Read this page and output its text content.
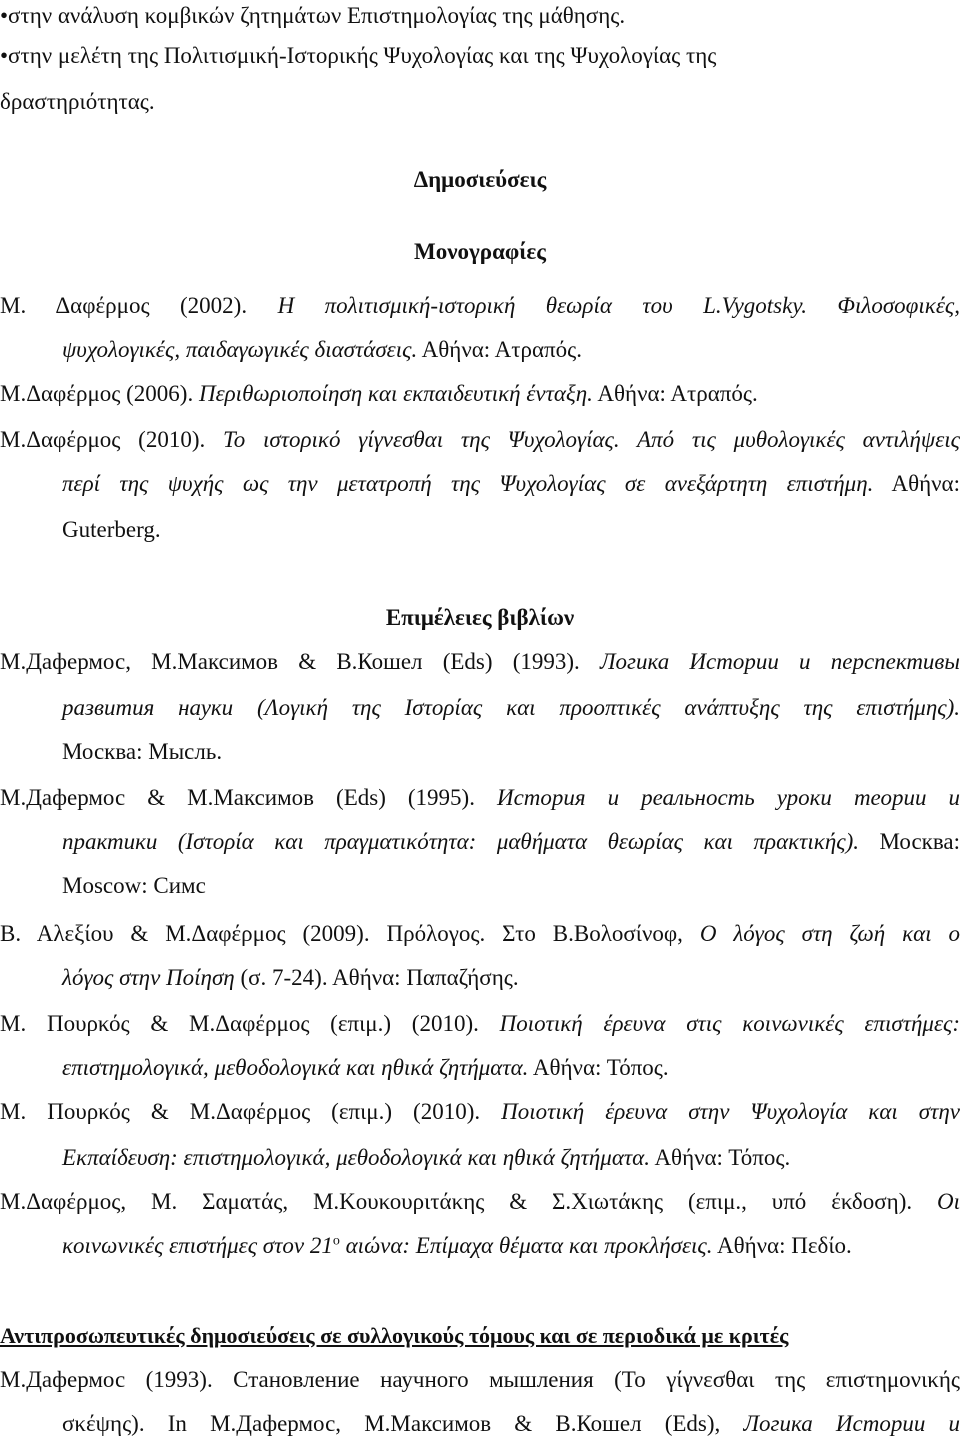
•στην ανάλυση κομβικών ζητημάτων Επιστημολογίας της μάθησης.
•στην μελέτη της Πολιτισμική-Ιστορικής Ψυχολογίας και της Ψυχολογίας της
δραστηριότητας.
Δημοσιεύσεις
Μονογραφίες
Μ. Δαφέρμος (2002). Η πολιτισμική-ιστορική θεωρία του L.Vygotsky. Φιλοσοφικές,
ψυχολογικές, παιδαγωγικές διαστάσεις. Αθήνα: Ατραπός.
Μ.Δαφέρμος (2006). Περιθωριοποίηση και εκπαιδευτική ένταξη. Αθήνα: Ατραπός.
Μ.Δαφέρμος (2010). Το ιστορικό γίγνεσθαι της Ψυχολογίας. Από τις μυθολογικές αντιλήψεις
περί της ψυχής ως την μετατροπή της Ψυχολογίας σε ανεξάρτητη επιστήμη. Αθήνα:
Guterberg.
Επιμέλειες βιβλίων
М.Дафермос, М.Максимов & В.Кошел (Eds) (1993). Логика Истории и перспективы
развития науки (Λογική της Ιστορίας και προοπτικές ανάπτυξης της επιστήμης).
Москва: Мысль.
М.Дафермос & М.Максимов (Eds) (1995). История и реальность уроки теории и
практики (Ιστορία και πραγματικότητα: μαθήματα θεωρίας και πρακτικής). Москва:
Moscow: Симс
Β. Αλεξίου & Μ.Δαφέρμος (2009). Πρόλογος. Στο Β.Βολοσίνοφ, Ο λόγος στη ζωή και ο
λόγος στην Ποίηση (σ. 7-24). Αθήνα: Παπαζήσης.
Μ. Πουρκός & Μ.Δαφέρμος (επιμ.) (2010). Ποιοτική έρευνα στις κοινωνικές επιστήμες:
επιστημολογικά, μεθοδολογικά και ηθικά ζητήματα. Αθήνα: Τόπος.
Μ. Πουρκός & Μ.Δαφέρμος (επιμ.) (2010). Ποιοτική έρευνα στην Ψυχολογία και στην
Εκπαίδευση: επιστημολογικά, μεθοδολογικά και ηθικά ζητήματα. Αθήνα: Τόπος.
Μ.Δαφέρμος, Μ. Σαματάς, Μ.Κουκουριτάκης & Σ.Χιωτάκης (επιμ., υπό έκδοση). Οι
κοινωνικές επιστήμες στον $21^o$ αιώνα: Επίμαχα θέματα και προκλήσεις. Αθήνα: Πεδίο.
Αντιπροσωπευτικές δημοσιεύσεις σε συλλογικούς τόμους και σε περιοδικά με κριτές
М.Дафермос (1993). Становление научного мышления (Το γίγνεσθαι της επιστημονικής
σκέψης). In М.Дафермос, М.Максимов & В.Кошел (Eds), Логика Истории и
